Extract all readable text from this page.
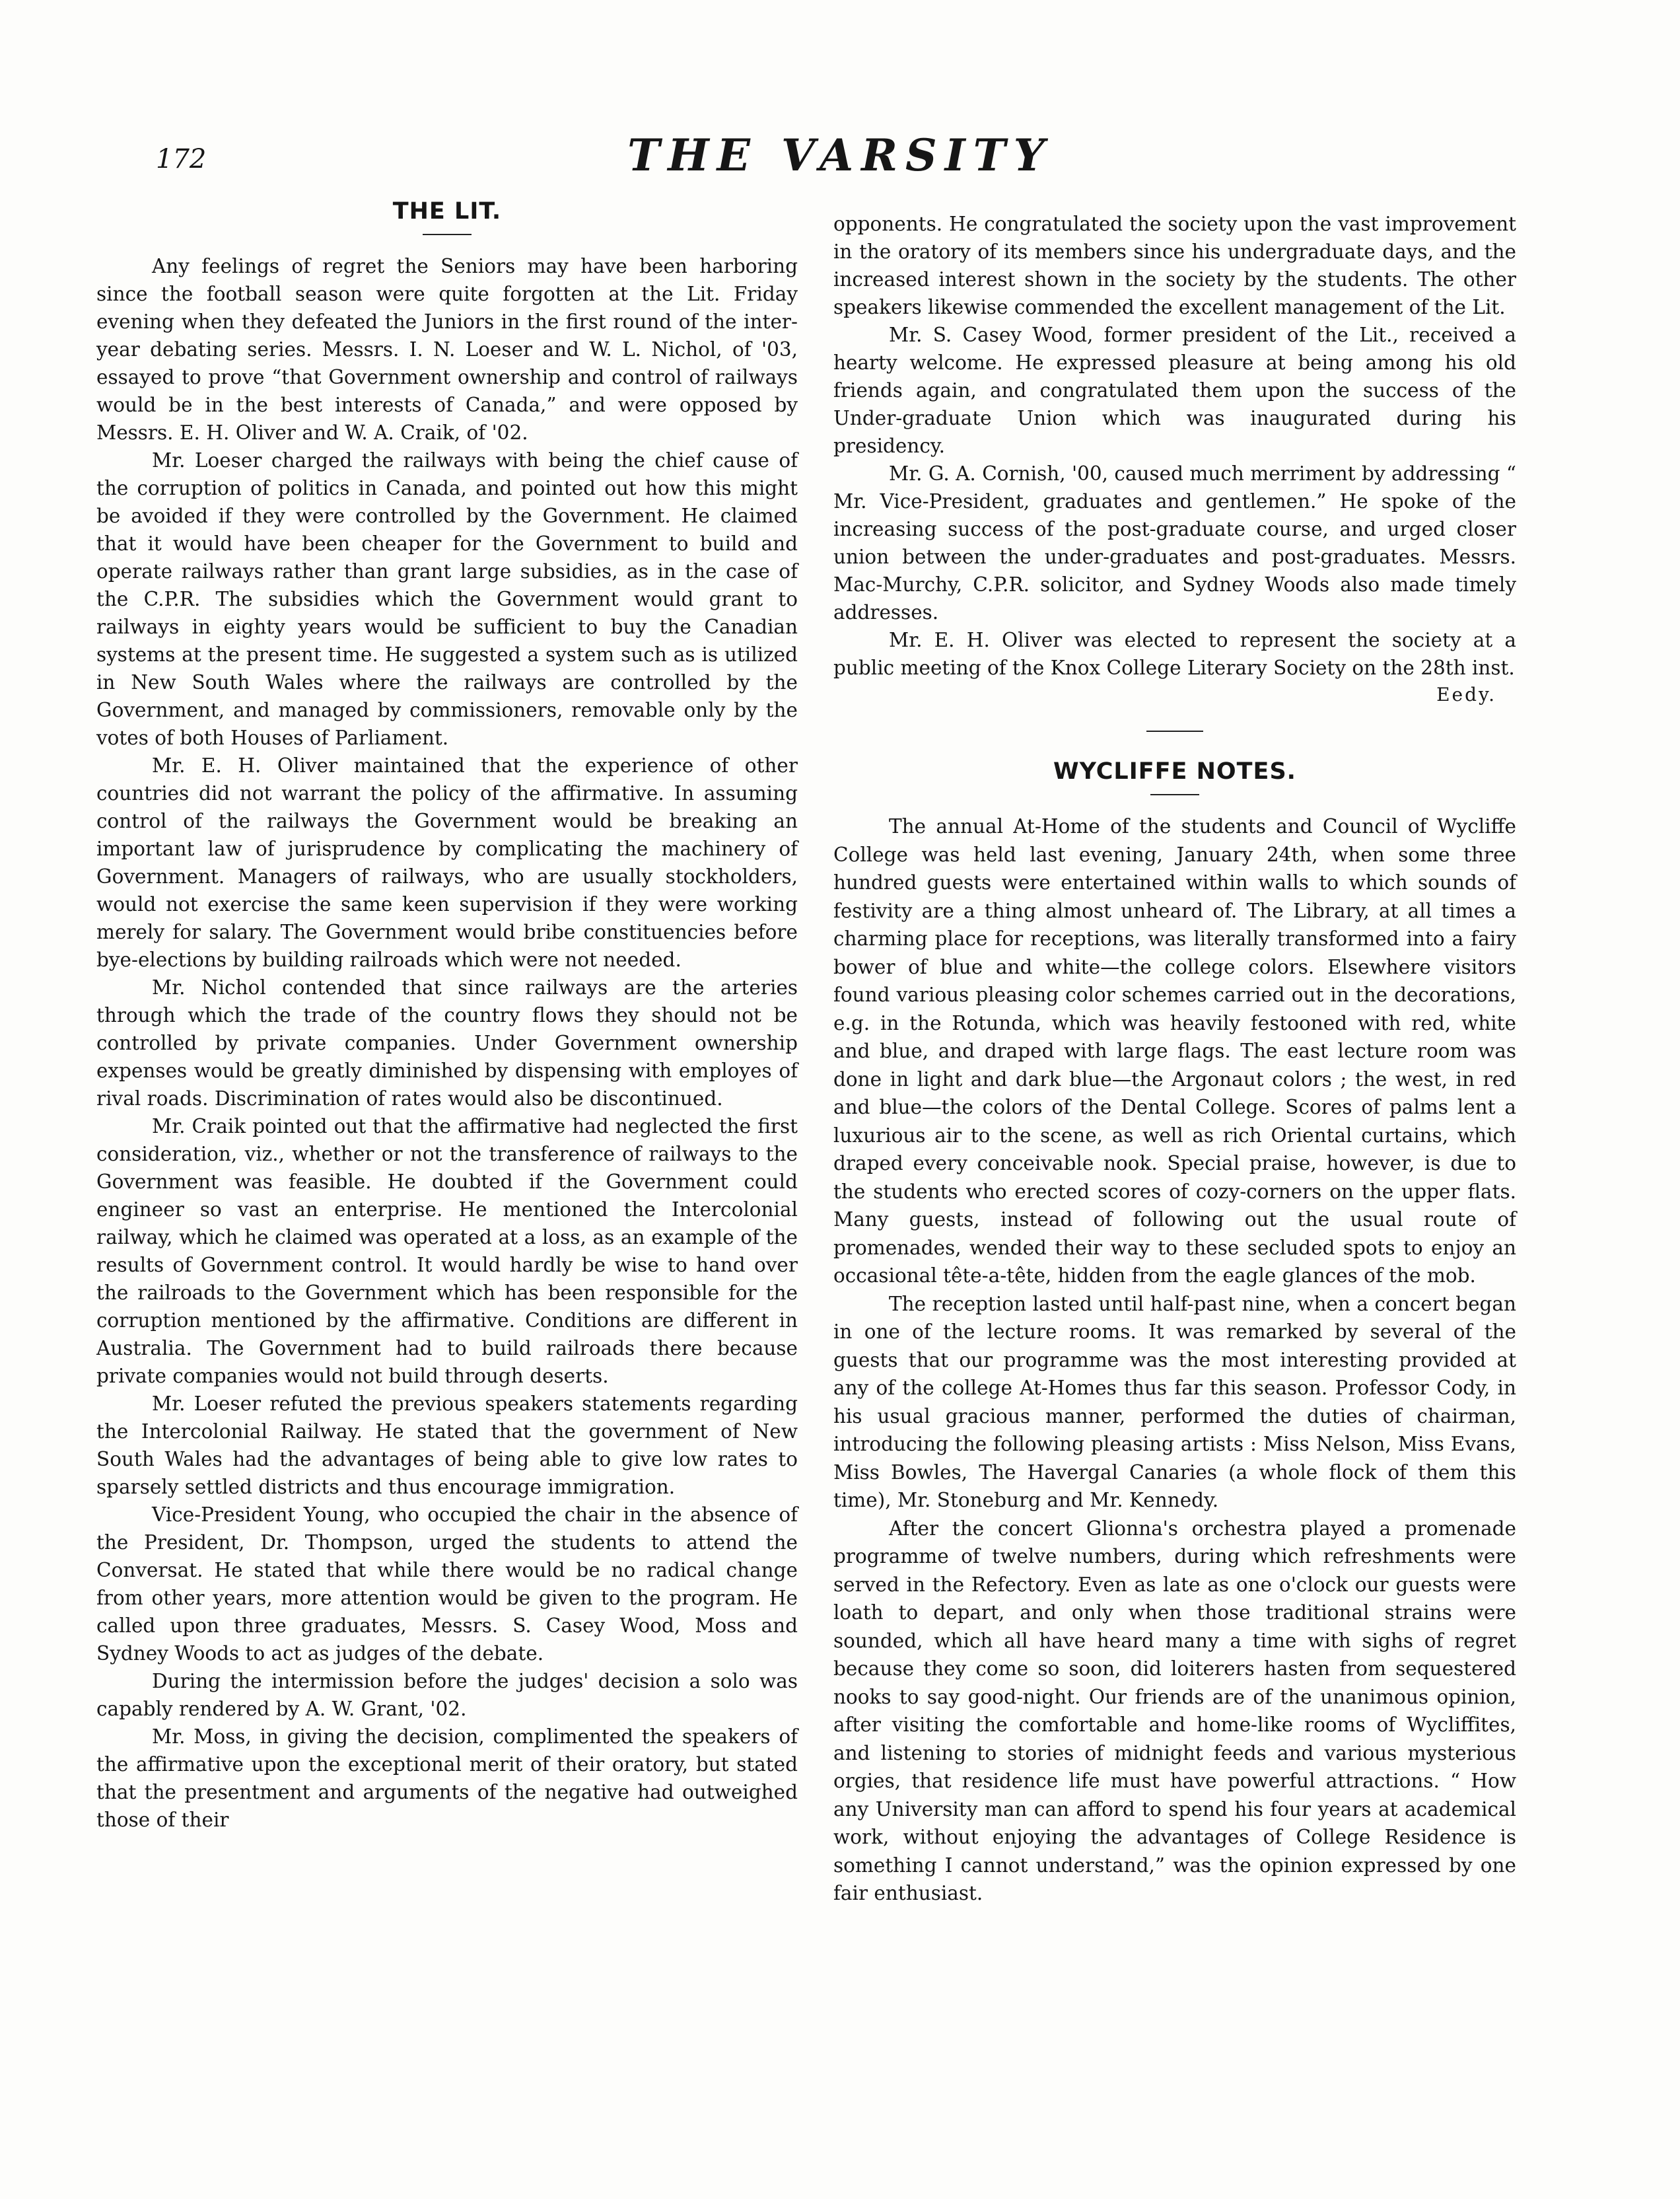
172	THE VARSITY
THE LIT.

Any feelings of regret the Seniors may have been harboring since the football season were quite forgotten at the Lit. Friday evening when they defeated the Juniors in the first round of the inter-year debating series. Messrs. I. N. Loeser and W. L. Nichol, of '03, essayed to prove “that Government ownership and control of railways would be in the best interests of Canada,” and were opposed by Messrs. E. H. Oliver and W. A. Craik, of '02.

Mr. Loeser charged the railways with being the chief cause of the corruption of politics in Canada, and pointed out how this might be avoided if they were controlled by the Government. He claimed that it would have been cheaper for the Government to build and operate railways rather than grant large subsidies, as in the case of the C.P.R. The subsidies which the Government would grant to railways in eighty years would be sufficient to buy the Canadian systems at the present time. He suggested a system such as is utilized in New South Wales where the railways are controlled by the Government, and managed by commissioners, removable only by the votes of both Houses of Parliament.

Mr. E. H. Oliver maintained that the experience of other countries did not warrant the policy of the affirmative. In assuming control of the railways the Government would be breaking an important law of jurisprudence by complicating the machinery of Government. Managers of railways, who are usually stockholders, would not exercise the same keen supervision if they were working merely for salary. The Government would bribe constituencies before bye-elections by building railroads which were not needed.

Mr. Nichol contended that since railways are the arteries through which the trade of the country flows they should not be controlled by private companies. Under Government ownership expenses would be greatly diminished by dispensing with employes of rival roads. Discrimination of rates would also be discontinued.

Mr. Craik pointed out that the affirmative had neglected the first consideration, viz., whether or not the transference of railways to the Government was feasible. He doubted if the Government could engineer so vast an enterprise. He mentioned the Intercolonial railway, which he claimed was operated at a loss, as an example of the results of Government control. It would hardly be wise to hand over the railroads to the Government which has been responsible for the corruption mentioned by the affirmative. Conditions are different in Australia. The Government had to build railroads there because private companies would not build through deserts.

Mr. Loeser refuted the previous speakers statements regarding the Intercolonial Railway. He stated that the government of New South Wales had the advantages of being able to give low rates to sparsely settled districts and thus encourage immigration.

Vice-President Young, who occupied the chair in the absence of the President, Dr. Thompson, urged the students to attend the Conversat. He stated that while there would be no radical change from other years, more attention would be given to the program. He called upon three graduates, Messrs. S. Casey Wood, Moss and Sydney Woods to act as judges of the debate.

During the intermission before the judges' decision a solo was capably rendered by A. W. Grant, '02.

Mr. Moss, in giving the decision, complimented the speakers of the affirmative upon the exceptional merit of their oratory, but stated that the presentment and arguments of the negative had outweighed those of their

opponents. He congratulated the society upon the vast improvement in the oratory of its members since his undergraduate days, and the increased interest shown in the society by the students. The other speakers likewise commended the excellent management of the Lit.

Mr. S. Casey Wood, former president of the Lit., received a hearty welcome. He expressed pleasure at being among his old friends again, and congratulated them upon the success of the Under-graduate Union which was inaugurated during his presidency.

Mr. G. A. Cornish, '00, caused much merriment by addressing “ Mr. Vice-President, graduates and gentlemen.” He spoke of the increasing success of the post-graduate course, and urged closer union between the under-graduates and post-graduates. Messrs. Mac-Murchy, C.P.R. solicitor, and Sydney Woods also made timely addresses.

Mr. E. H. Oliver was elected to represent the society at a public meeting of the Knox College Literary Society on the 28th inst.

Eedy.
WYCLIFFE NOTES.

The annual At-Home of the students and Council of Wycliffe College was held last evening, January 24th, when some three hundred guests were entertained within walls to which sounds of festivity are a thing almost unheard of. The Library, at all times a charming place for receptions, was literally transformed into a fairy bower of blue and white—the college colors. Elsewhere visitors found various pleasing color schemes carried out in the decorations, e.g. in the Rotunda, which was heavily festooned with red, white and blue, and draped with large flags. The east lecture room was done in light and dark blue—the Argonaut colors ; the west, in red and blue—the colors of the Dental College. Scores of palms lent a luxurious air to the scene, as well as rich Oriental curtains, which draped every conceivable nook. Special praise, however, is due to the students who erected scores of cozy-corners on the upper flats. Many guests, instead of following out the usual route of promenades, wended their way to these secluded spots to enjoy an occasional tête-a-tête, hidden from the eagle glances of the mob.

The reception lasted until half-past nine, when a concert began in one of the lecture rooms. It was remarked by several of the guests that our programme was the most interesting provided at any of the college At-Homes thus far this season. Professor Cody, in his usual gracious manner, performed the duties of chairman, introducing the following pleasing artists : Miss Nelson, Miss Evans, Miss Bowles, The Havergal Canaries (a whole flock of them this time), Mr. Stoneburg and Mr. Kennedy.

After the concert Glionna's orchestra played a promenade programme of twelve numbers, during which refreshments were served in the Refectory. Even as late as one o'clock our guests were loath to depart, and only when those traditional strains were sounded, which all have heard many a time with sighs of regret because they come so soon, did loiterers hasten from sequestered nooks to say good-night. Our friends are of the unanimous opinion, after visiting the comfortable and home-like rooms of Wycliffites, and listening to stories of midnight feeds and various mysterious orgies, that residence life must have powerful attractions. “ How any University man can afford to spend his four years at academical work, without enjoying the advantages of College Residence is something I cannot understand,” was the opinion expressed by one fair enthusiast.
